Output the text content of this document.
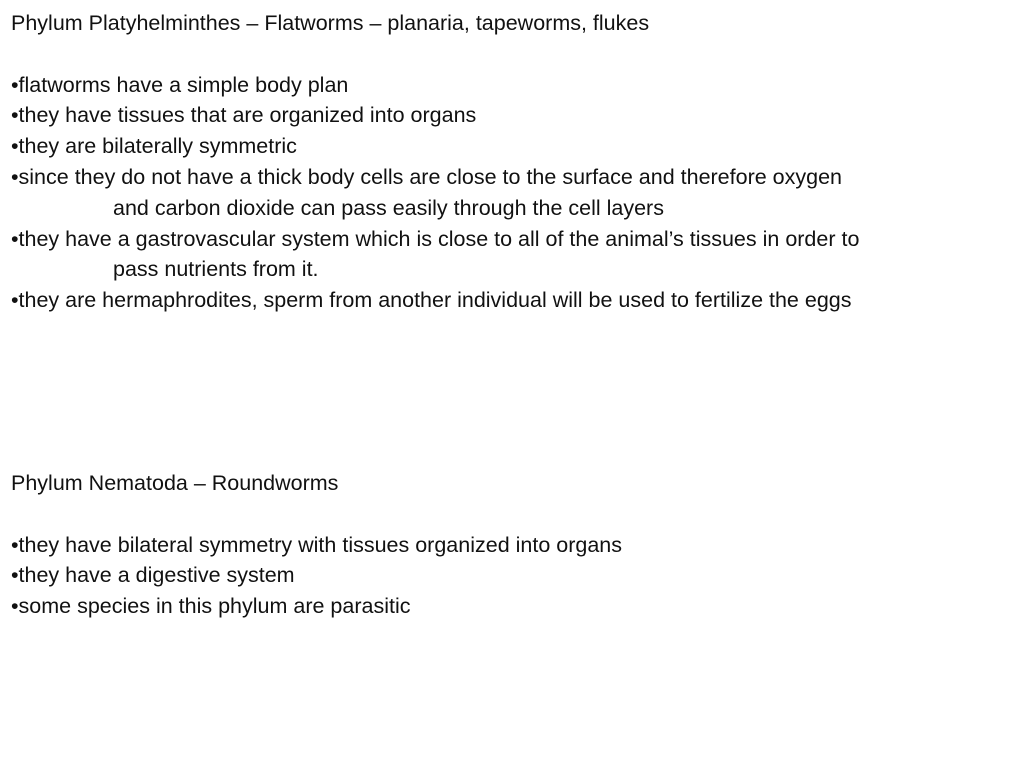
Phylum Platyhelminthes – Flatworms – planaria, tapeworms, flukes

•flatworms have a simple body plan

•they have tissues that are organized into organs

•they are bilaterally symmetric

•since they do not have a thick body cells are close to the surface and therefore oxygen

and carbon dioxide can pass easily through the cell layers

•they have a gastrovascular system which is close to all of the animal’s tissues in order to

pass nutrients from it.

•they are hermaphrodites, sperm from another individual will be used to fertilize the eggs

Phylum Nematoda – Roundworms

•they have bilateral symmetry with tissues organized into organs

•they have a digestive system

•some species in this phylum are parasitic
